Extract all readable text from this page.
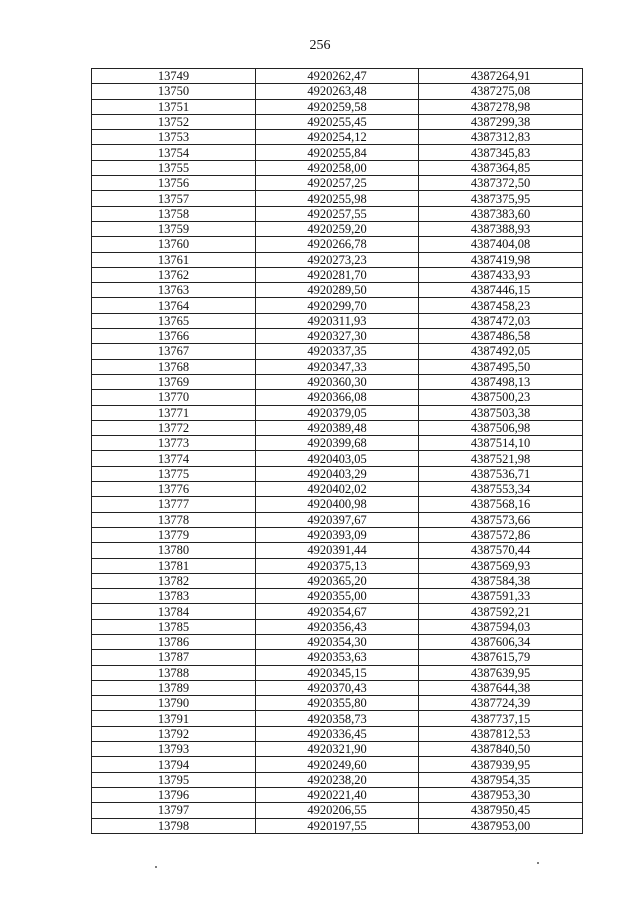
256
13749	4920262,47	4387264,91
13750	4920263,48	4387275,08
13751	4920259,58	4387278,98
13752	4920255,45	4387299,38
13753	4920254,12	4387312,83
13754	4920255,84	4387345,83
13755	4920258,00	4387364,85
13756	4920257,25	4387372,50
13757	4920255,98	4387375,95
13758	4920257,55	4387383,60
13759	4920259,20	4387388,93
13760	4920266,78	4387404,08
13761	4920273,23	4387419,98
13762	4920281,70	4387433,93
13763	4920289,50	4387446,15
13764	4920299,70	4387458,23
13765	4920311,93	4387472,03
13766	4920327,30	4387486,58
13767	4920337,35	4387492,05
13768	4920347,33	4387495,50
13769	4920360,30	4387498,13
13770	4920366,08	4387500,23
13771	4920379,05	4387503,38
13772	4920389,48	4387506,98
13773	4920399,68	4387514,10
13774	4920403,05	4387521,98
13775	4920403,29	4387536,71
13776	4920402,02	4387553,34
13777	4920400,98	4387568,16
13778	4920397,67	4387573,66
13779	4920393,09	4387572,86
13780	4920391,44	4387570,44
13781	4920375,13	4387569,93
13782	4920365,20	4387584,38
13783	4920355,00	4387591,33
13784	4920354,67	4387592,21
13785	4920356,43	4387594,03
13786	4920354,30	4387606,34
13787	4920353,63	4387615,79
13788	4920345,15	4387639,95
13789	4920370,43	4387644,38
13790	4920355,80	4387724,39
13791	4920358,73	4387737,15
13792	4920336,45	4387812,53
13793	4920321,90	4387840,50
13794	4920249,60	4387939,95
13795	4920238,20	4387954,35
13796	4920221,40	4387953,30
13797	4920206,55	4387950,45
13798	4920197,55	4387953,00
